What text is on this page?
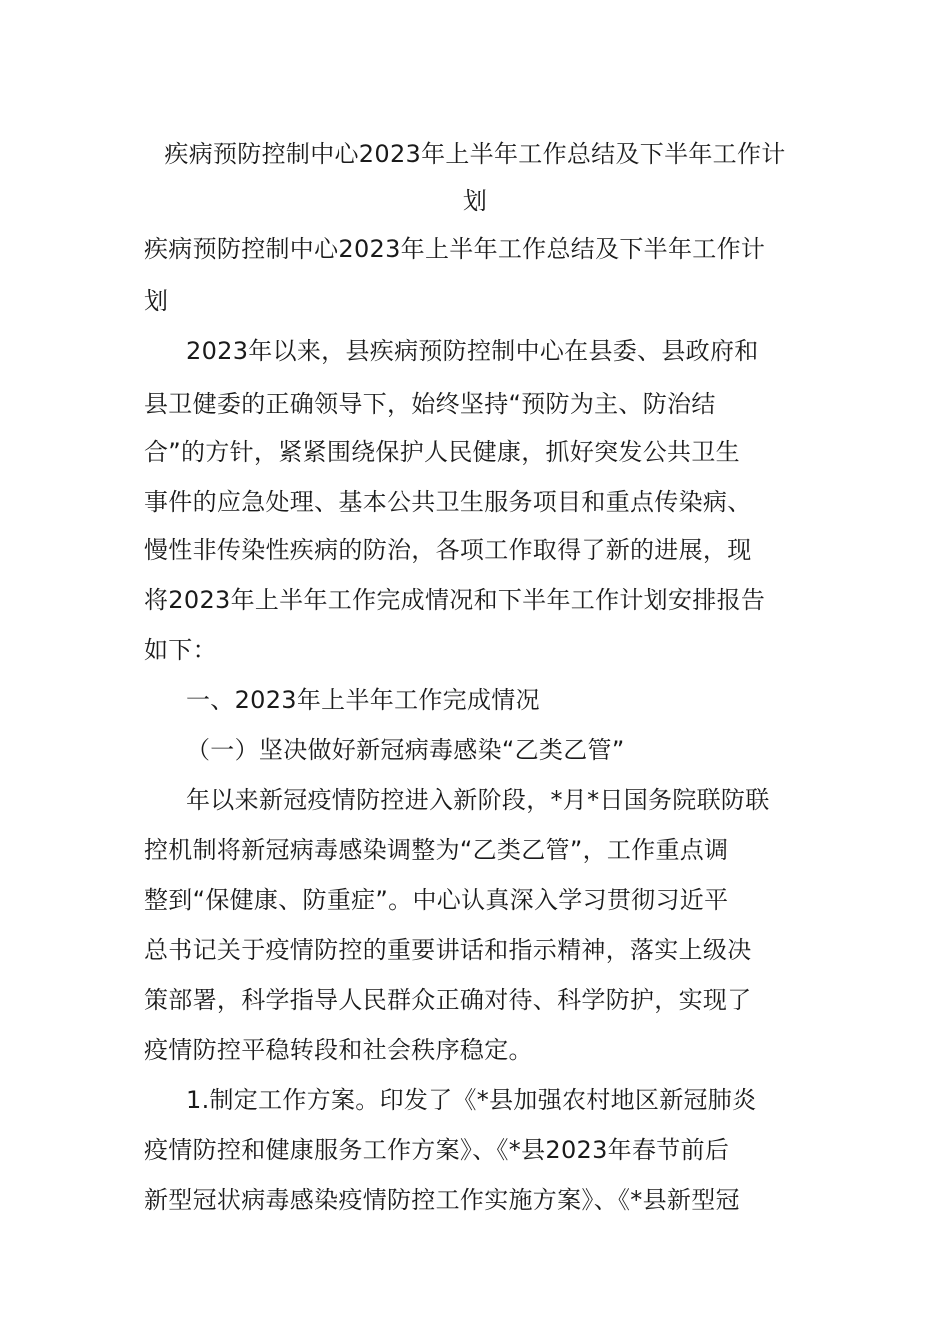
疾病预防控制中心2023年上半年工作总结及下半年工作计
划
疾病预防控制中心2023年上半年工作总结及下半年工作计
划
2023年以来，县疾病预防控制中心在县委、县政府和
县卫健委的正确领导下，始终坚持“预防为主、防治结
合”的方针，紧紧围绕保护人民健康，抓好突发公共卫生
事件的应急处理、基本公共卫生服务项目和重点传染病、
慢性非传染性疾病的防治，各项工作取得了新的进展，现
将2023年上半年工作完成情况和下半年工作计划安排报告
如下：
一、2023年上半年工作完成情况
（一）坚决做好新冠病毒感染“乙类乙管”
年以来新冠疫情防控进入新阶段，*月*日国务院联防联
控机制将新冠病毒感染调整为“乙类乙管”，工作重点调
整到“保健康、防重症”。中心认真深入学习贯彻习近平
总书记关于疫情防控的重要讲话和指示精神，落实上级决
策部署，科学指导人民群众正确对待、科学防护，实现了
疫情防控平稳转段和社会秩序稳定。
1.制定工作方案。印发了《*县加强农村地区新冠肺炎
疫情防控和健康服务工作方案》、《*县2023年春节前后
新型冠状病毒感染疫情防控工作实施方案》、《*县新型冠
